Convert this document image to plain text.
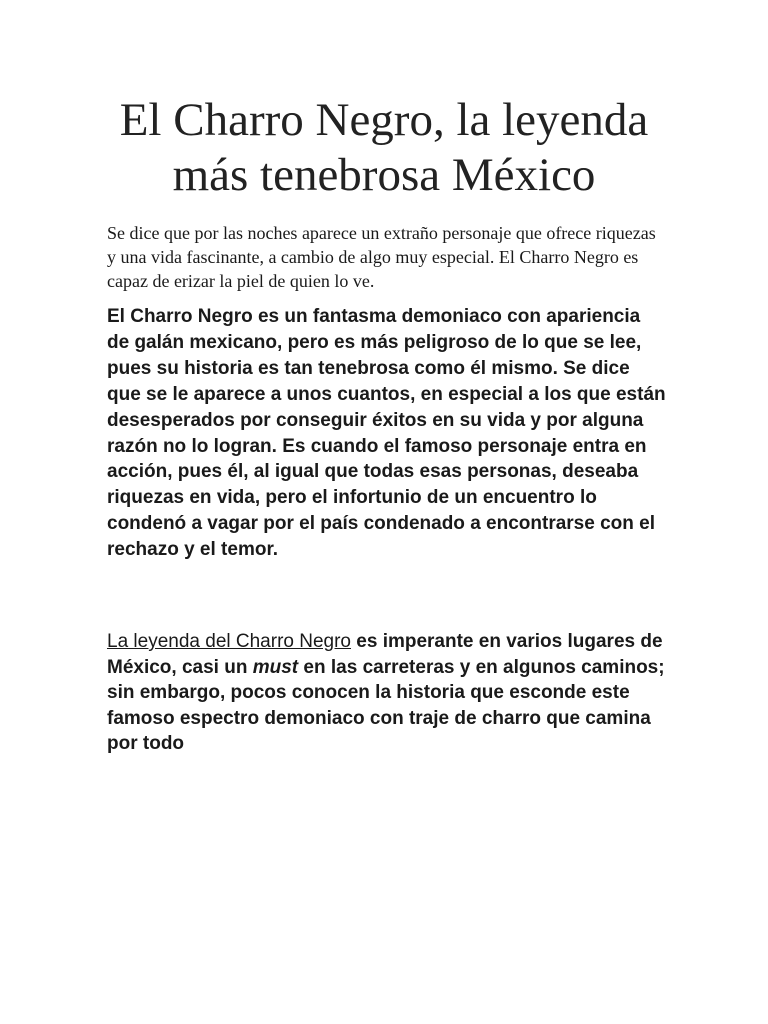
El Charro Negro, la leyenda
más tenebrosa México

Se dice que por las noches aparece un extraño personaje que ofrece riquezas y una vida fascinante, a cambio de algo muy especial. El Charro Negro es capaz de erizar la piel de quien lo ve.

El Charro Negro es un fantasma demoniaco con apariencia de galán mexicano, pero es más peligroso de lo que se lee, pues su historia es tan tenebrosa como él mismo. Se dice que se le aparece a unos cuantos, en especial a los que están desesperados por conseguir éxitos en su vida y por alguna razón no lo logran. Es cuando el famoso personaje entra en acción, pues él, al igual que todas esas personas, deseaba riquezas en vida, pero el infortunio de un encuentro lo condenó a vagar por el país condenado a encontrarse con el rechazo y el temor.

La leyenda del Charro Negro es imperante en varios lugares de México, casi un must en las carreteras y en algunos caminos; sin embargo, pocos conocen la historia que esconde este famoso espectro demoniaco con traje de charro que camina por todo
